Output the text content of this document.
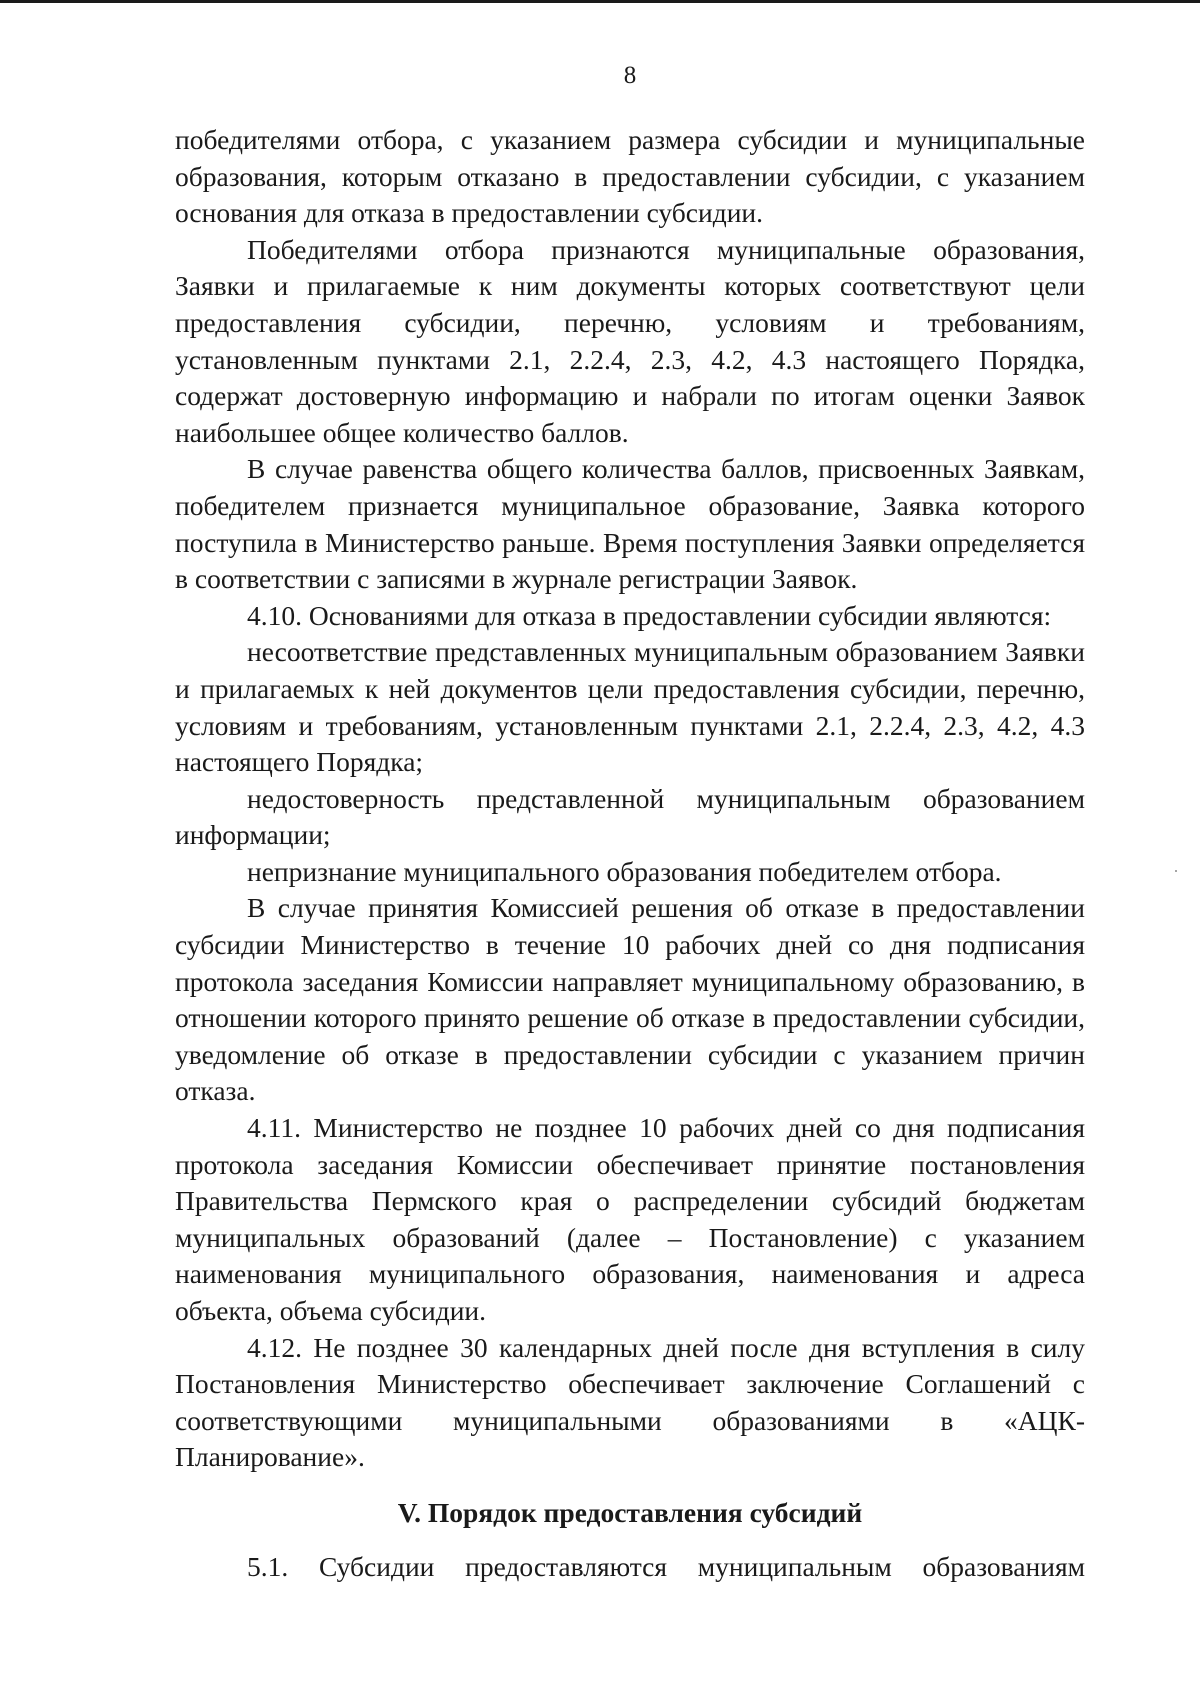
8

победителями отбора, с указанием размера субсидии и муниципальные образования, которым отказано в предоставлении субсидии, с указанием основания для отказа в предоставлении субсидии.

Победителями отбора признаются муниципальные образования, Заявки и прилагаемые к ним документы которых соответствуют цели предоставления субсидии, перечню, условиям и требованиям, установленным пунктами 2.1, 2.2.4, 2.3, 4.2, 4.3 настоящего Порядка, содержат достоверную информацию и набрали по итогам оценки Заявок наибольшее общее количество баллов.

В случае равенства общего количества баллов, присвоенных Заявкам, победителем признается муниципальное образование, Заявка которого поступила в Министерство раньше. Время поступления Заявки определяется в соответствии с записями в журнале регистрации Заявок.

4.10. Основаниями для отказа в предоставлении субсидии являются:

несоответствие представленных муниципальным образованием Заявки и прилагаемых к ней документов цели предоставления субсидии, перечню, условиям и требованиям, установленным пунктами 2.1, 2.2.4, 2.3, 4.2, 4.3 настоящего Порядка;

недостоверность представленной муниципальным образованием информации;

непризнание муниципального образования победителем отбора.

В случае принятия Комиссией решения об отказе в предоставлении субсидии Министерство в течение 10 рабочих дней со дня подписания протокола заседания Комиссии направляет муниципальному образованию, в отношении которого принято решение об отказе в предоставлении субсидии, уведомление об отказе в предоставлении субсидии с указанием причин отказа.

4.11. Министерство не позднее 10 рабочих дней со дня подписания протокола заседания Комиссии обеспечивает принятие постановления Правительства Пермского края о распределении субсидий бюджетам муниципальных образований (далее – Постановление) с указанием наименования муниципального образования, наименования и адреса объекта, объема субсидии.

4.12. Не позднее 30 календарных дней после дня вступления в силу Постановления Министерство обеспечивает заключение Соглашений с соответствующими муниципальными образованиями в «АЦК-Планирование».

V. Порядок предоставления субсидий

5.1. Субсидии предоставляются муниципальным образованиям
